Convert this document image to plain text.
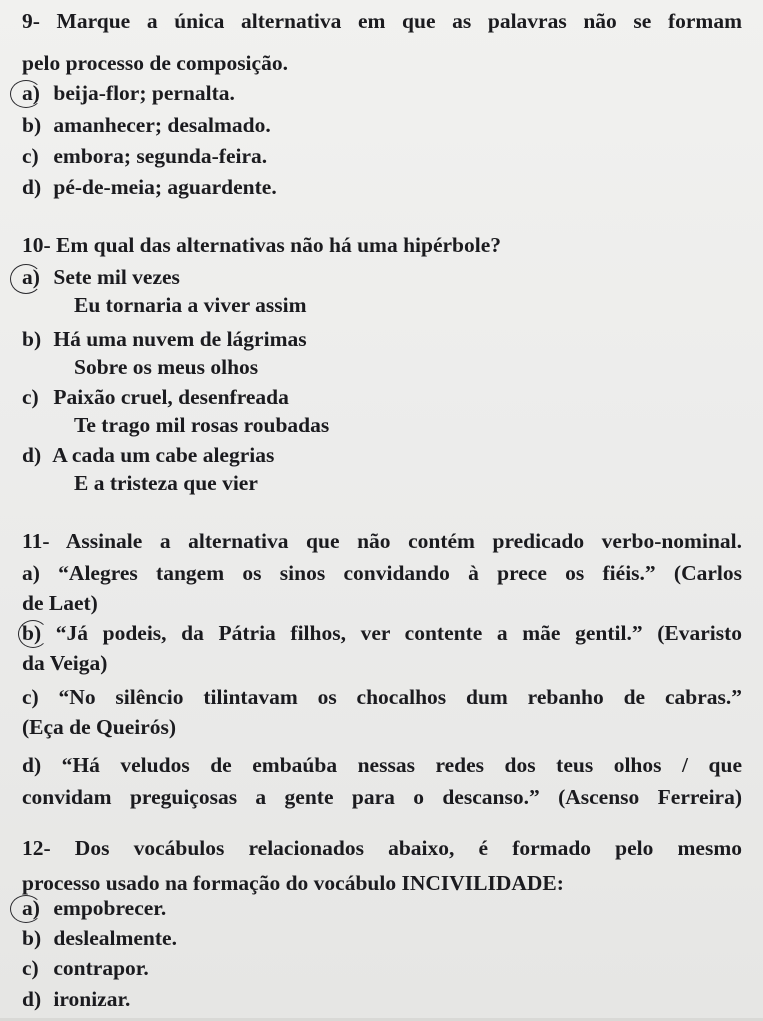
9- Marque a única alternativa em que as palavras não se formam
pelo processo de composição.
a) beija-flor; pernalta.
b) amanhecer; desalmado.
c) embora; segunda-feira.
d) pé-de-meia; aguardente.
10- Em qual das alternativas não há uma hipérbole?
a) Sete mil vezes
Eu tornaria a viver assim
b) Há uma nuvem de lágrimas
Sobre os meus olhos
c) Paixão cruel, desenfreada
Te trago mil rosas roubadas
d) A cada um cabe alegrias
E a tristeza que vier
11- Assinale a alternativa que não contém predicado verbo-nominal.
a) “Alegres tangem os sinos convidando à prece os fiéis.” (Carlos
de Laet)
b) “Já podeis, da Pátria filhos, ver contente a mãe gentil.” (Evaristo
da Veiga)
c) “No silêncio tilintavam os chocalhos dum rebanho de cabras.”
(Eça de Queirós)
d) “Há veludos de embaúba nessas redes dos teus olhos / que
convidam preguiçosas a gente para o descanso.” (Ascenso Ferreira)
12- Dos vocábulos relacionados abaixo, é formado pelo mesmo
processo usado na formação do vocábulo INCIVILIDADE:
a) empobrecer.
b) deslealmente.
c) contrapor.
d) ironizar.
